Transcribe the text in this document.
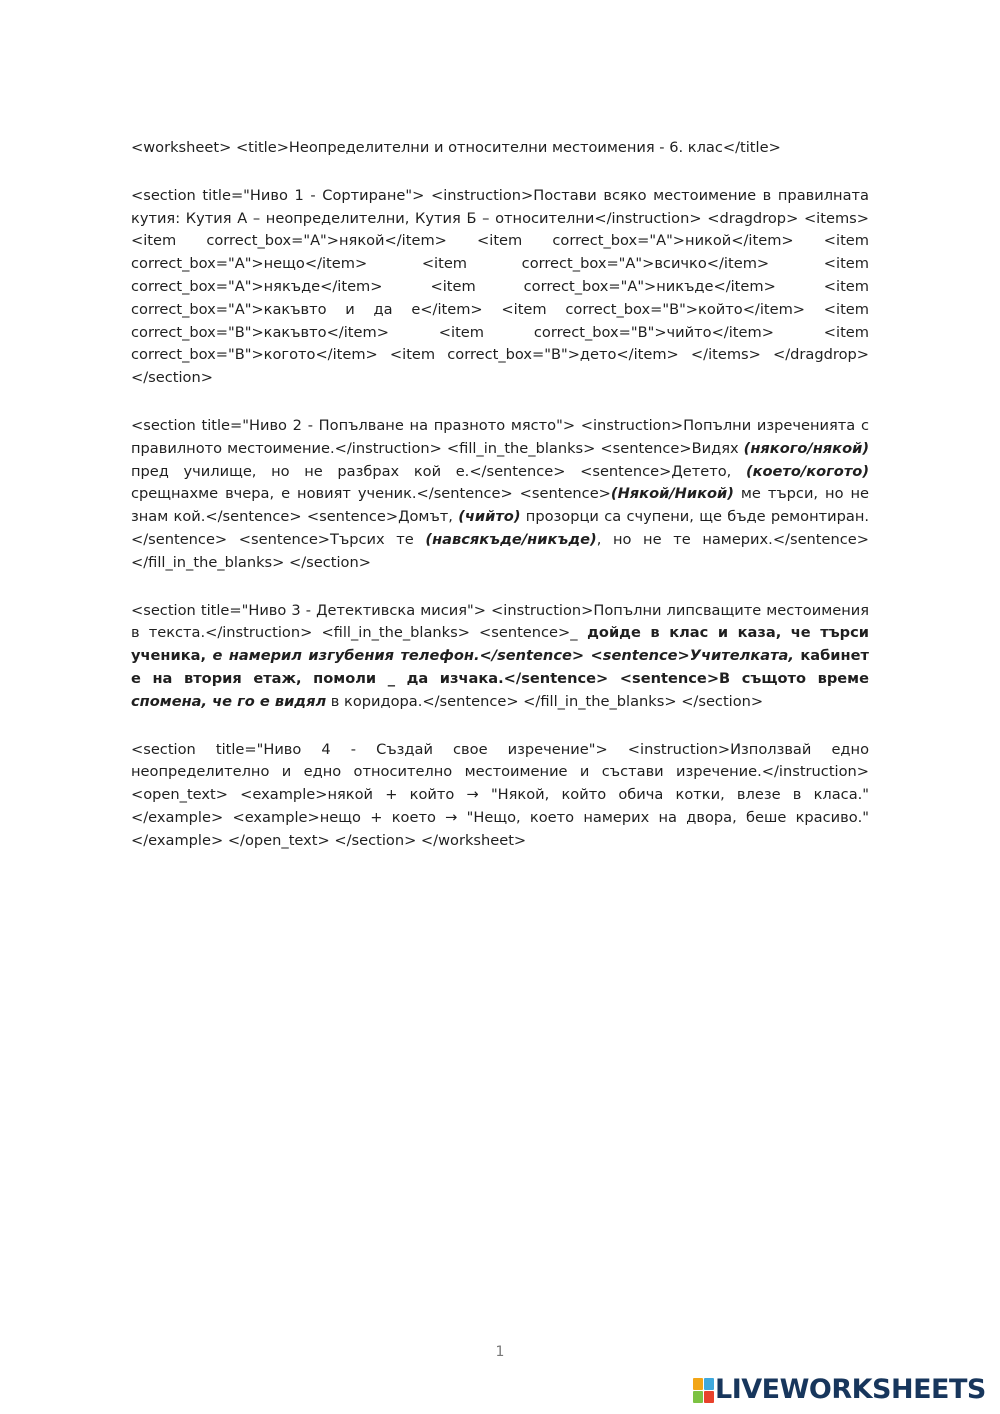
<worksheet> <title>Неопределителни и относителни местоимения - 6. клас</title>

<section title="Ниво 1 - Сортиране"> <instruction>Постави всяко местоимение в правилната кутия: Кутия А – неопределителни, Кутия Б – относителни</instruction> <dragdrop> <items> <item correct_box="A">някой</item> <item correct_box="A">никой</item> <item correct_box="A">нещо</item> <item correct_box="A">всичко</item> <item correct_box="A">някъде</item> <item correct_box="A">никъде</item> <item correct_box="A">какъвто и да е</item> <item correct_box="B">който</item> <item correct_box="B">какъвто</item> <item correct_box="B">чийто</item> <item correct_box="B">когото</item> <item correct_box="B">дето</item> </items> </dragdrop> </section>

<section title="Ниво 2 - Попълване на празното място"> <instruction>Попълни изреченията с правилното местоимение.</instruction> <fill_in_the_blanks> <sentence>Видях (някого/някой) пред училище, но не разбрах кой е.</sentence> <sentence>Детето, (което/когото) срещнахме вчера, е новият ученик.</sentence> <sentence>(Някой/Никой) ме търси, но не знам кой.</sentence> <sentence>Домът, (чийто) прозорци са счупени, ще бъде ремонтиран.</sentence> <sentence>Търсих те (навсякъде/никъде), но не те намерих.</sentence> </fill_in_the_blanks> </section>

<section title="Ниво 3 - Детективска мисия"> <instruction>Попълни липсващите местоимения в текста.</instruction> <fill_in_the_blanks> <sentence>_ дойде в клас и каза, че търси ученика, е намерил изгубения телефон.</sentence> <sentence>Учителката, кабинет е на втория етаж, помоли _ да изчака.</sentence> <sentence>В същото време спомена, че го е видял в коридора.</sentence> </fill_in_the_blanks> </section>

<section title="Ниво 4 - Създай свое изречение"> <instruction>Използвай едно неопределително и едно относително местоимение и състави изречение.</instruction> <open_text> <example>някой + който → "Някой, който обича котки, влезе в класа."</example> <example>нещо + което → "Нещо, което намерих на двора, беше красиво."</example> </open_text> </section> </worksheet>

1
LIVEWORKSHEETS
